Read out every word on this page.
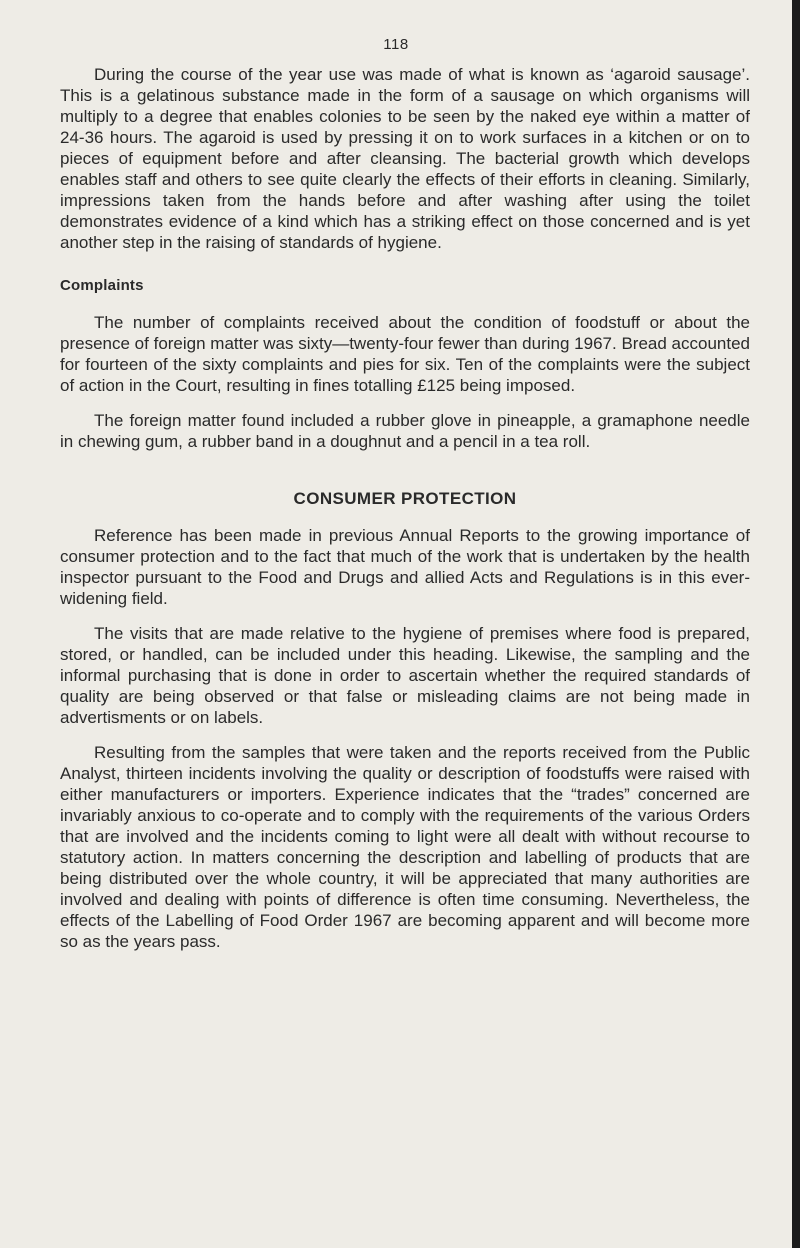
118

During the course of the year use was made of what is known as ‘agaroid sausage’. This is a gelatinous substance made in the form of a sausage on which organisms will multiply to a degree that enables colonies to be seen by the naked eye within a matter of 24-36 hours. The agaroid is used by pressing it on to work surfaces in a kitchen or on to pieces of equipment before and after cleansing. The bacterial growth which develops enables staff and others to see quite clearly the effects of their efforts in cleaning. Similarly, impressions taken from the hands before and after washing after using the toilet demonstrates evidence of a kind which has a striking effect on those concerned and is yet another step in the raising of standards of hygiene.

Complaints

The number of complaints received about the condition of foodstuff or about the presence of foreign matter was sixty—twenty-four fewer than during 1967. Bread accounted for fourteen of the sixty complaints and pies for six. Ten of the complaints were the subject of action in the Court, resulting in fines totalling £125 being imposed.

The foreign matter found included a rubber glove in pineapple, a gramaphone needle in chewing gum, a rubber band in a doughnut and a pencil in a tea roll.

CONSUMER PROTECTION

Reference has been made in previous Annual Reports to the growing importance of consumer protection and to the fact that much of the work that is undertaken by the health inspector pursuant to the Food and Drugs and allied Acts and Regulations is in this ever-widening field.

The visits that are made relative to the hygiene of premises where food is prepared, stored, or handled, can be included under this heading. Likewise, the sampling and the informal purchasing that is done in order to ascertain whether the required standards of quality are being observed or that false or misleading claims are not being made in advertisments or on labels.

Resulting from the samples that were taken and the reports received from the Public Analyst, thirteen incidents involving the quality or description of foodstuffs were raised with either manufacturers or importers. Experience indicates that the “trades” concerned are invariably anxious to co-operate and to comply with the requirements of the various Orders that are involved and the incidents coming to light were all dealt with without recourse to statutory action. In matters concerning the description and labelling of products that are being distributed over the whole country, it will be appreciated that many authorities are involved and dealing with points of difference is often time consuming. Nevertheless, the effects of the Labelling of Food Order 1967 are becoming apparent and will become more so as the years pass.
